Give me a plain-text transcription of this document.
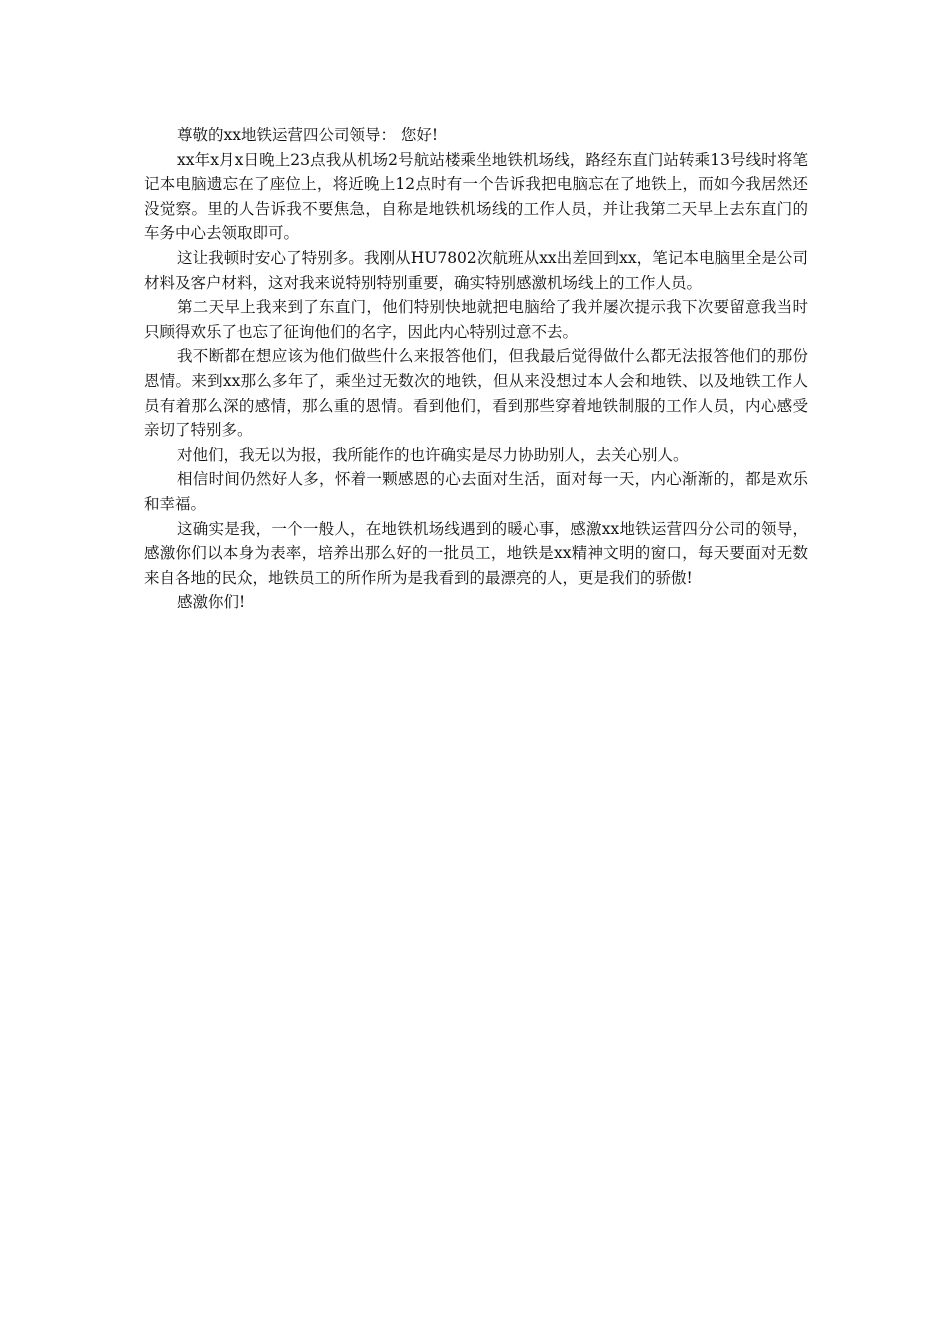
尊敬的xx地铁运营四公司领导： 您好!

xx年x月x日晚上23点我从机场2号航站楼乘坐地铁机场线，路经东直门站转乘13号线时将笔记本电脑遗忘在了座位上，将近晚上12点时有一个告诉我把电脑忘在了地铁上，而如今我居然还没觉察。里的人告诉我不要焦急，自称是地铁机场线的工作人员，并让我第二天早上去东直门的车务中心去领取即可。

这让我顿时安心了特别多。我刚从HU7802次航班从xx出差回到xx，笔记本电脑里全是公司材料及客户材料，这对我来说特别特别重要，确实特别感激机场线上的工作人员。

第二天早上我来到了东直门，他们特别快地就把电脑给了我并屡次提示我下次要留意我当时只顾得欢乐了也忘了征询他们的名字，因此内心特别过意不去。

我不断都在想应该为他们做些什么来报答他们，但我最后觉得做什么都无法报答他们的那份恩情。来到xx那么多年了，乘坐过无数次的地铁，但从来没想过本人会和地铁、以及地铁工作人员有着那么深的感情，那么重的恩情。看到他们，看到那些穿着地铁制服的工作人员，内心感受亲切了特别多。

对他们，我无以为报，我所能作的也许确实是尽力协助别人，去关心别人。

相信时间仍然好人多，怀着一颗感恩的心去面对生活，面对每一天，内心渐渐的，都是欢乐和幸福。

这确实是我，一个一般人，在地铁机场线遇到的暖心事，感激xx地铁运营四分公司的领导，感激你们以本身为表率，培养出那么好的一批员工，地铁是xx精神文明的窗口，每天要面对无数来自各地的民众，地铁员工的所作所为是我看到的最漂亮的人，更是我们的骄傲!

感激你们!
